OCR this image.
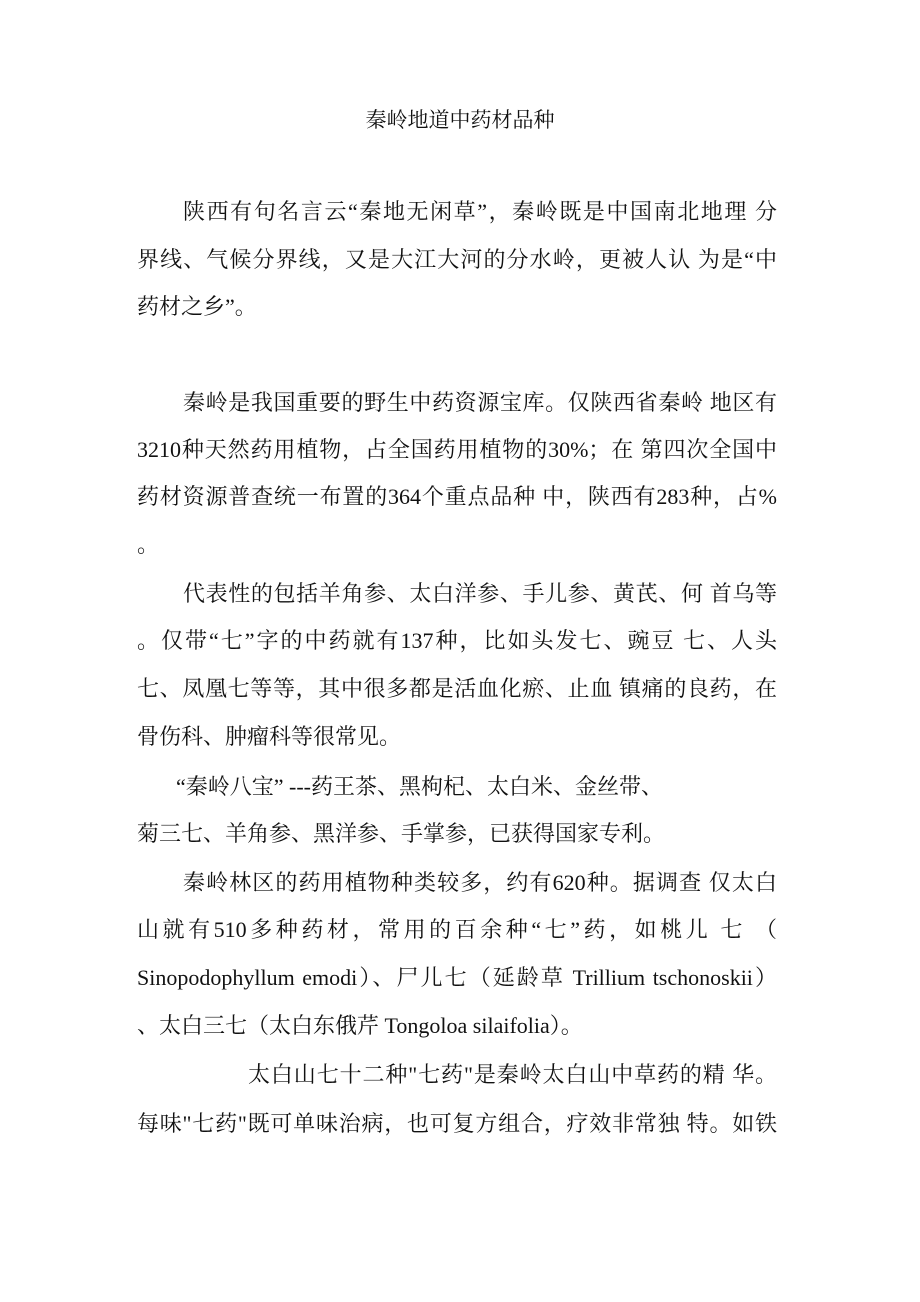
秦岭地道中药材品种
陕西有句名言云“秦地无闲草”，秦岭既是中国南北地理 分
界线、气候分界线，又是大江大河的分水岭，更被人认 为是“中
药材之乡”。
秦岭是我国重要的野生中药资源宝库。仅陕西省秦岭 地区有
3210种天然药用植物，占全国药用植物的30%；在 第四次全国中
药材资源普查统一布置的364个重点品种 中，陕西有283种，占%
。
代表性的包括羊角参、太白洋参、手儿参、黄芪、何 首乌等
。仅带“七”字的中药就有137种，比如头发七、豌豆 七、人头
七、凤凰七等等，其中很多都是活血化瘀、止血 镇痛的良药，在
骨伤科、肿瘤科等很常见。
“秦岭八宝” ---药王茶、黑枸杞、太白米、金丝带、
菊三七、羊角参、黑洋参、手掌参，已获得国家专利。
秦岭林区的药用植物种类较多，约有620种。据调查 仅太白
山就有510多种药材，常用的百余种“七”药，如桃儿 七 （
Sinopodophyllum emodi）、尸儿七（延龄草 Trillium tschonoskii）
、太白三七（太白东俄芹 Tongoloa silaifolia）。
太白山七十二种"七药"是秦岭太白山中草药的精 华。
每味"七药"既可单味治病，也可复方组合，疗效非常独 特。如铁
